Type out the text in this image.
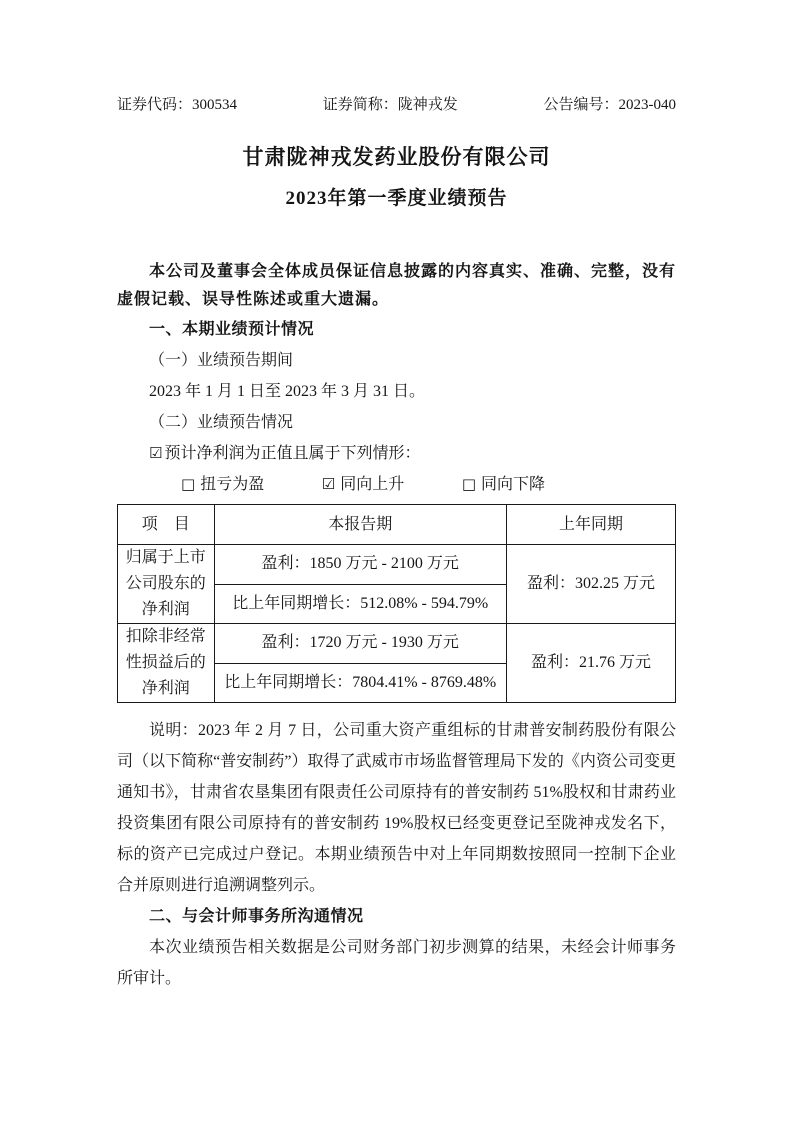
证券代码：300534	证券简称：陇神戎发	公告编号：2023-040
甘肃陇神戎发药业股份有限公司
2023年第一季度业绩预告

本公司及董事会全体成员保证信息披露的内容真实、准确、完整，没有虚假记载、误导性陈述或重大遗漏。

一、本期业绩预计情况

（一）业绩预告期间

2023 年 1 月 1 日至 2023 年 3 月 31 日。

（二）业绩预告情况

☑ 预计净利润为正值且属于下列情形：

□ 扭亏为盈	☑ 同向上升	□ 同向下降

项　目	本报告期	上年同期
归属于上市公司股东的净利润	盈利：1850 万元 - 2100 万元	盈利：302.25 万元
	比上年同期增长：512.08% - 594.79%	
扣除非经常性损益后的净利润	盈利：1720 万元 - 1930 万元	盈利：21.76 万元
	比上年同期增长：7804.41% - 8769.48%	

说明：2023 年 2 月 7 日，公司重大资产重组标的甘肃普安制药股份有限公司（以下简称“普安制药”）取得了武威市市场监督管理局下发的《内资公司变更通知书》，甘肃省农垦集团有限责任公司原持有的普安制药 51%股权和甘肃药业投资集团有限公司原持有的普安制药 19%股权已经变更登记至陇神戎发名下，标的资产已完成过户登记。本期业绩预告中对上年同期数按照同一控制下企业合并原则进行追溯调整列示。

二、与会计师事务所沟通情况

本次业绩预告相关数据是公司财务部门初步测算的结果，未经会计师事务所审计。
